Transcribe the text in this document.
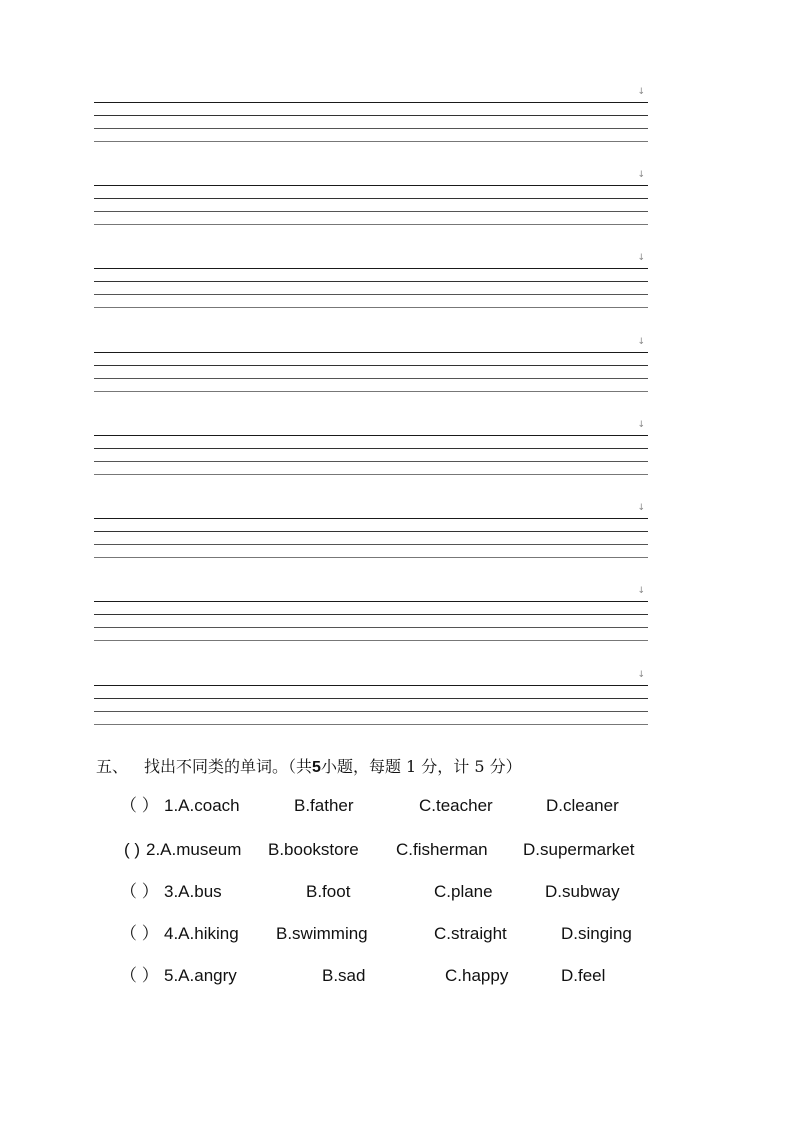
↓
↓
↓
↓
↓
↓
↓
↓
五、 找出不同类的单词。（共5小题，每题 1 分，计 5 分）
（ ） 1.A.coach	B.father	C.teacher	D.cleaner
( ) 2.A.museum B.bookstore C.fisherman D.supermarket
（ ） 3.A.bus	B.foot	C.plane	D.subway
（ ） 4.A.hiking B.swimming	C.straight	D.singing
（ ） 5.A.angry	B.sad	C.happy	D.feel
